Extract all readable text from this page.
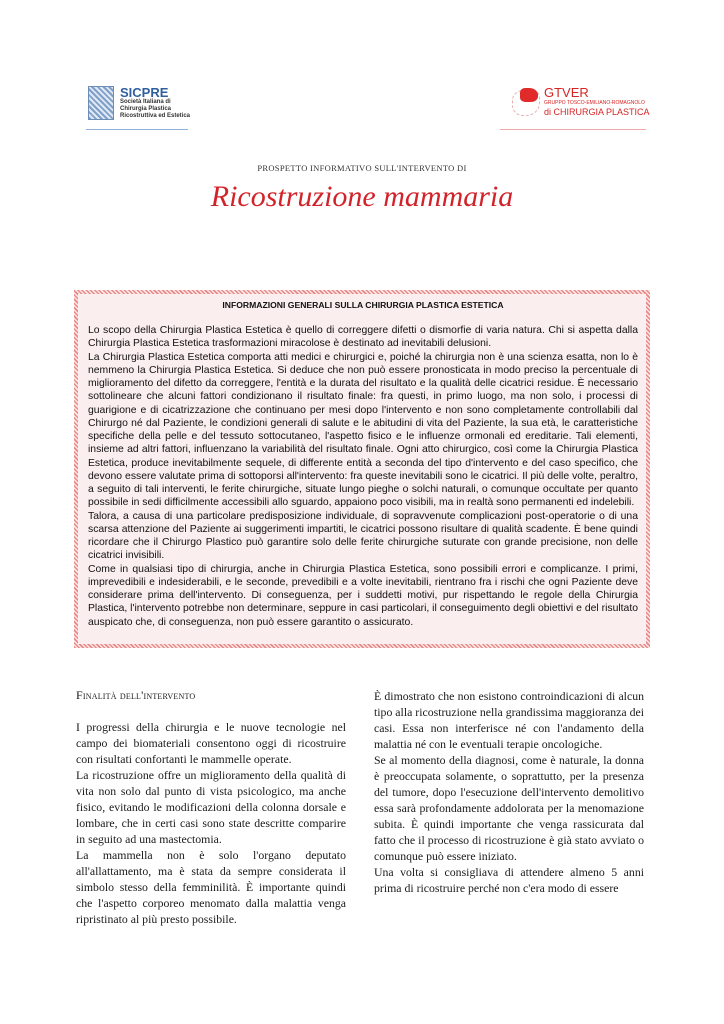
SICPRE
Società Italiana di
Chirurgia Plastica
Ricostruttiva ed Estetica
GTVER
GRUPPO TOSCO-EMILIANO-ROMAGNOLO
di CHIRURGIA PLASTICA
PROSPETTO INFORMATIVO SULL'INTERVENTO DI
Ricostruzione mammaria
INFORMAZIONI GENERALI SULLA CHIRURGIA PLASTICA ESTETICA

Lo scopo della Chirurgia Plastica Estetica è quello di correggere difetti o dismorfie di varia natura. Chi si aspetta dalla Chirurgia Plastica Estetica trasformazioni miracolose è destinato ad inevitabili delusioni.

La Chirurgia Plastica Estetica comporta atti medici e chirurgici e, poiché la chirurgia non è una scienza esatta, non lo è nemmeno la Chirurgia Plastica Estetica. Si deduce che non può essere pronosticata in modo preciso la percentuale di miglioramento del difetto da correggere, l'entità e la durata del risultato e la qualità delle cicatrici residue. È necessario sottolineare che alcuni fattori condizionano il risultato finale: fra questi, in primo luogo, ma non solo, i processi di guarigione e di cicatrizzazione che continuano per mesi dopo l'intervento e non sono completamente controllabili dal Chirurgo né dal Paziente, le condizioni generali di salute e le abitudini di vita del Paziente, la sua età, le caratteristiche specifiche della pelle e del tessuto sottocutaneo, l'aspetto fisico e le influenze ormonali ed ereditarie. Tali elementi, insieme ad altri fattori, influenzano la variabilità del risultato finale. Ogni atto chirurgico, così come la Chirurgia Plastica Estetica, produce inevitabilmente sequele, di differente entità a seconda del tipo d'intervento e del caso specifico, che devono essere valutate prima di sottoporsi all'intervento: fra queste inevitabili sono le cicatrici. Il più delle volte, peraltro, a seguito di tali interventi, le ferite chirurgiche, situate lungo pieghe o solchi naturali, o comunque occultate per quanto possibile in sedi difficilmente accessibili allo sguardo, appaiono poco visibili, ma in realtà sono permanenti ed indelebili.

Talora, a causa di una particolare predisposizione individuale, di sopravvenute complicazioni post-operatorie o di una scarsa attenzione del Paziente ai suggerimenti impartiti, le cicatrici possono risultare di qualità scadente. È bene quindi ricordare che il Chirurgo Plastico può garantire solo delle ferite chirurgiche suturate con grande precisione, non delle cicatrici invisibili.

Come in qualsiasi tipo di chirurgia, anche in Chirurgia Plastica Estetica, sono possibili errori e complicanze. I primi, imprevedibili e indesiderabili, e le seconde, prevedibili e a volte inevitabili, rientrano fra i rischi che ogni Paziente deve considerare prima dell'intervento. Di conseguenza, per i suddetti motivi, pur rispettando le regole della Chirurgia Plastica, l'intervento potrebbe non determinare, seppure in casi particolari, il conseguimento degli obiettivi e del risultato auspicato che, di conseguenza, non può essere garantito o assicurato.

Finalità dell'intervento

I progressi della chirurgia e le nuove tecnologie nel campo dei biomateriali consentono oggi di ricostruire con risultati confortanti le mammelle operate.

La ricostruzione offre un miglioramento della qualità di vita non solo dal punto di vista psicologico, ma anche fisico, evitando le modificazioni della colonna dorsale e lombare, che in certi casi sono state descritte comparire in seguito ad una mastectomia.

La mammella non è solo l'organo deputato all'allattamento, ma è stata da sempre considerata il simbolo stesso della femminilità. È importante quindi che l'aspetto corporeo menomato dalla malattia venga ripristinato al più presto possibile.

È dimostrato che non esistono controindicazioni di alcun tipo alla ricostruzione nella grandissima maggioranza dei casi. Essa non interferisce né con l'andamento della malattia né con le eventuali terapie oncologiche.

Se al momento della diagnosi, come è naturale, la donna è preoccupata solamente, o soprattutto, per la presenza del tumore, dopo l'esecuzione dell'intervento demolitivo essa sarà profondamente addolorata per la menomazione subita. È quindi importante che venga rassicurata dal fatto che il processo di ricostruzione è già stato avviato o comunque può essere iniziato.

Una volta si consigliava di attendere almeno 5 anni prima di ricostruire perché non c'era modo di essere
